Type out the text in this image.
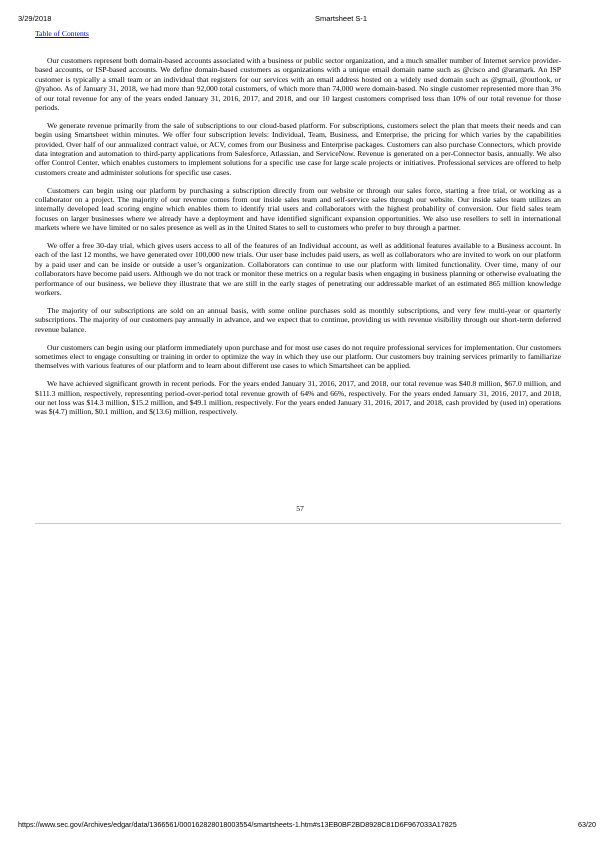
3/29/2018	Smartsheet S-1
Table of Contents

Our customers represent both domain-based accounts associated with a business or public sector organization, and a much smaller number of Internet service provider-based accounts, or ISP-based accounts. We define domain-based customers as organizations with a unique email domain name such as @cisco and @aramark. An ISP customer is typically a small team or an individual that registers for our services with an email address hosted on a widely used domain such as @gmail, @outlook, or @yahoo. As of January 31, 2018, we had more than 92,000 total customers, of which more than 74,000 were domain-based. No single customer represented more than 3% of our total revenue for any of the years ended January 31, 2016, 2017, and 2018, and our 10 largest customers comprised less than 10% of our total revenue for those periods.

We generate revenue primarily from the sale of subscriptions to our cloud-based platform. For subscriptions, customers select the plan that meets their needs and can begin using Smartsheet within minutes. We offer four subscription levels: Individual, Team, Business, and Enterprise, the pricing for which varies by the capabilities provided. Over half of our annualized contract value, or ACV, comes from our Business and Enterprise packages. Customers can also purchase Connectors, which provide data integration and automation to third-party applications from Salesforce, Atlassian, and ServiceNow. Revenue is generated on a per-Connector basis, annually. We also offer Control Center, which enables customers to implement solutions for a specific use case for large scale projects or initiatives. Professional services are offered to help customers create and administer solutions for specific use cases.

Customers can begin using our platform by purchasing a subscription directly from our website or through our sales force, starting a free trial, or working as a collaborator on a project. The majority of our revenue comes from our inside sales team and self-service sales through our website. Our inside sales team utilizes an internally developed lead scoring engine which enables them to identify trial users and collaborators with the highest probability of conversion. Our field sales team focuses on larger businesses where we already have a deployment and have identified significant expansion opportunities. We also use resellers to sell in international markets where we have limited or no sales presence as well as in the United States to sell to customers who prefer to buy through a partner.

We offer a free 30-day trial, which gives users access to all of the features of an Individual account, as well as additional features available to a Business account. In each of the last 12 months, we have generated over 100,000 new trials. Our user base includes paid users, as well as collaborators who are invited to work on our platform by a paid user and can be inside or outside a user’s organization. Collaborators can continue to use our platform with limited functionality. Over time, many of our collaborators have become paid users. Although we do not track or monitor these metrics on a regular basis when engaging in business planning or otherwise evaluating the performance of our business, we believe they illustrate that we are still in the early stages of penetrating our addressable market of an estimated 865 million knowledge workers.

The majority of our subscriptions are sold on an annual basis, with some online purchases sold as monthly subscriptions, and very few multi-year or quarterly subscriptions. The majority of our customers pay annually in advance, and we expect that to continue, providing us with revenue visibility through our short-term deferred revenue balance.

Our customers can begin using our platform immediately upon purchase and for most use cases do not require professional services for implementation. Our customers sometimes elect to engage consulting or training in order to optimize the way in which they use our platform. Our customers buy training services primarily to familiarize themselves with various features of our platform and to learn about different use cases to which Smartsheet can be applied.

We have achieved significant growth in recent periods. For the years ended January 31, 2016, 2017, and 2018, our total revenue was $40.8 million, $67.0 million, and $111.3 million, respectively, representing period-over-period total revenue growth of 64% and 66%, respectively. For the years ended January 31, 2016, 2017, and 2018, our net loss was $14.3 million, $15.2 million, and $49.1 million, respectively. For the years ended January 31, 2016, 2017, and 2018, cash provided by (used in) operations was $(4.7) million, $0.1 million, and $(13.6) million, respectively.

57
https://www.sec.gov/Archives/edgar/data/1366561/000162828018003554/smartsheets-1.htm#s13EB0BF2BD8928C81D6F967033A17825	63/20
